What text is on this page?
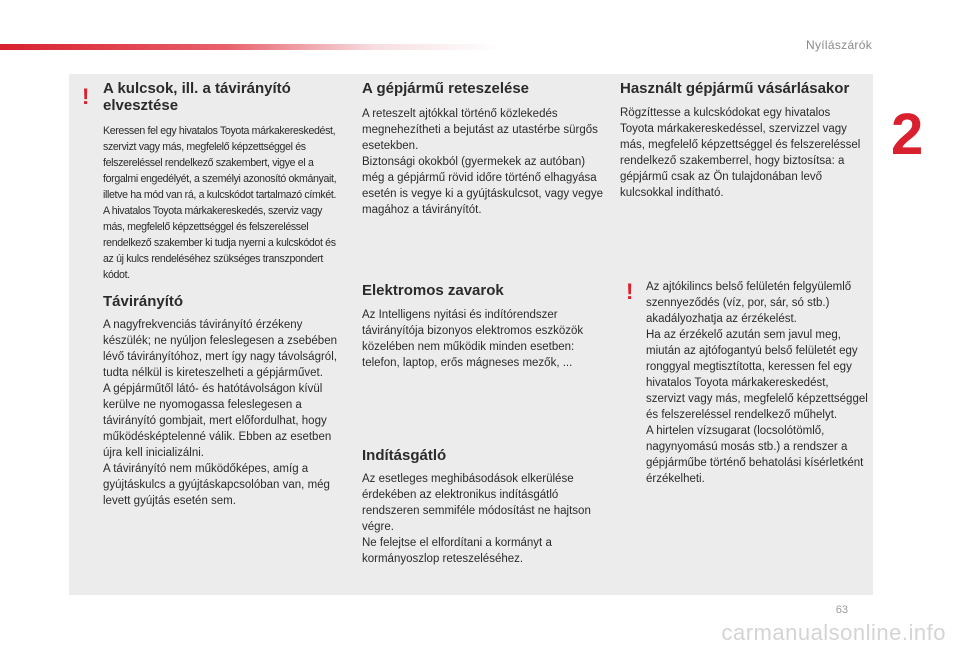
Nyílászárók
2
! A kulcsok, ill. a távirányító elvesztése

Keressen fel egy hivatalos Toyota márkakereskedést, szervizt vagy más, megfelelő képzettséggel és felszereléssel rendelkező szakembert, vigye el a forgalmi engedélyét, a személyi azonosító okmányait, illetve ha mód van rá, a kulcskódot tartalmazó címkét. A hivatalos Toyota márkakereskedés, szerviz vagy más, megfelelő képzettséggel és felszereléssel rendelkező szakember ki tudja nyerni a kulcskódot és az új kulcs rendeléséhez szükséges transzpondert kódot.

Távirányító

A nagyfrekvenciás távirányító érzékeny készülék; ne nyúljon feleslegesen a zsebében lévő távirányítóhoz, mert így nagy távolságról, tudta nélkül is kireteszelheti a gépjárművet.
A gépjárműtől látó- és hatótávolságon kívül kerülve ne nyomogassa feleslegesen a távirányító gombjait, mert előfordulhat, hogy működésképtelenné válik. Ebben az esetben újra kell inicializálni.
A távirányító nem működőképes, amíg a gyújtáskulcs a gyújtáskapcsolóban van, még levett gyújtás esetén sem.

A gépjármű reteszelése

A reteszelt ajtókkal történő közlekedés megnehezítheti a bejutást az utastérbe sürgős esetekben.
Biztonsági okokból (gyermekek az autóban) még a gépjármű rövid időre történő elhagyása esetén is vegye ki a gyújtáskulcsot, vagy vegye magához a távirányítót.

Elektromos zavarok

Az Intelligens nyitási és indítórendszer távirányítója bizonyos elektromos eszközök közelében nem működik minden esetben: telefon, laptop, erős mágneses mezők, ...

Indításgátló

Az esetleges meghibásodások elkerülése érdekében az elektronikus indításgátló rendszeren semmiféle módosítást ne hajtson végre.
Ne felejtse el elfordítani a kormányt a kormányoszlop reteszeléséhez.

Használt gépjármű vásárlásakor

Rögzíttesse a kulcskódokat egy hivatalos Toyota márkakereskedéssel, szervizzel vagy más, megfelelő képzettséggel és felszereléssel rendelkező szakemberrel, hogy biztosítsa: a gépjármű csak az Ön tulajdonában levő kulcsokkal indítható.

! Az ajtókilincs belső felületén felgyülemlő szennyeződés (víz, por, sár, só stb.) akadályozhatja az érzékelést.
Ha az érzékelő azután sem javul meg, miután az ajtófogantyú belső felületét egy ronggyal megtisztította, keressen fel egy hivatalos Toyota márkakereskedést, szervizt vagy más, megfelelő képzettséggel és felszereléssel rendelkező műhelyt.
A hirtelen vízsugarat (locsolótömlő, nagynyomású mosás stb.) a rendszer a gépjárműbe történő behatolási kísérletként érzékelheti.

63
carmanualsonline.info
